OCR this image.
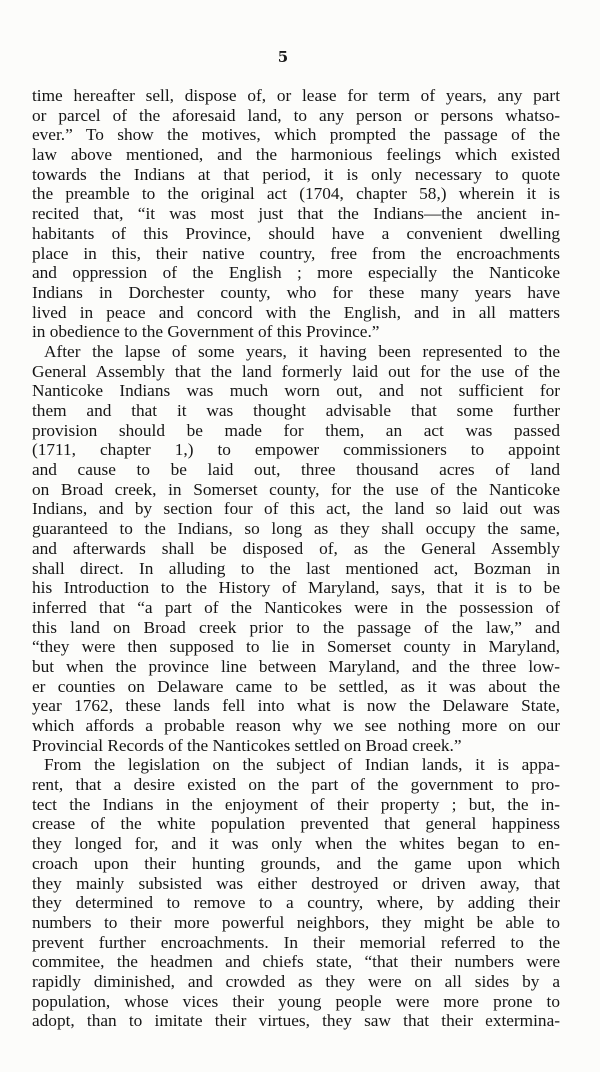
5
time hereafter sell, dispose of, or lease for term of years, any part
or parcel of the aforesaid land, to any person or persons whatso-
ever.” To show the motives, which prompted the passage of the
law above mentioned, and the harmonious feelings which existed
towards the Indians at that period, it is only necessary to quote
the preamble to the original act (1704, chapter 58,) wherein it is
recited that, “it was most just that the Indians—the ancient in-
habitants of this Province, should have a convenient dwelling
place in this, their native country, free from the encroachments
and oppression of the English ; more especially the Nanticoke
Indians in Dorchester county, who for these many years have
lived in peace and concord with the English, and in all matters
in obedience to the Government of this Province.”
After the lapse of some years, it having been represented to the
General Assembly that the land formerly laid out for the use of the
Nanticoke Indians was much worn out, and not sufficient for
them and that it was thought advisable that some further
provision should be made for them, an act was passed
(1711, chapter 1,) to empower commissioners to appoint
and cause to be laid out, three thousand acres of land
on Broad creek, in Somerset county, for the use of the Nanticoke
Indians, and by section four of this act, the land so laid out was
guaranteed to the Indians, so long as they shall occupy the same,
and afterwards shall be disposed of, as the General Assembly
shall direct. In alluding to the last mentioned act, Bozman in
his Introduction to the History of Maryland, says, that it is to be
inferred that “a part of the Nanticokes were in the possession of
this land on Broad creek prior to the passage of the law,” and
“they were then supposed to lie in Somerset county in Maryland,
but when the province line between Maryland, and the three low-
er counties on Delaware came to be settled, as it was about the
year 1762, these lands fell into what is now the Delaware State,
which affords a probable reason why we see nothing more on our
Provincial Records of the Nanticokes settled on Broad creek.”
From the legislation on the subject of Indian lands, it is appa-
rent, that a desire existed on the part of the government to pro-
tect the Indians in the enjoyment of their property ; but, the in-
crease of the white population prevented that general happiness
they longed for, and it was only when the whites began to en-
croach upon their hunting grounds, and the game upon which
they mainly subsisted was either destroyed or driven away, that
they determined to remove to a country, where, by adding their
numbers to their more powerful neighbors, they might be able to
prevent further encroachments. In their memorial referred to the
commitee, the headmen and chiefs state, “that their numbers were
rapidly diminished, and crowded as they were on all sides by a
population, whose vices their young people were more prone to
adopt, than to imitate their virtues, they saw that their extermina-
